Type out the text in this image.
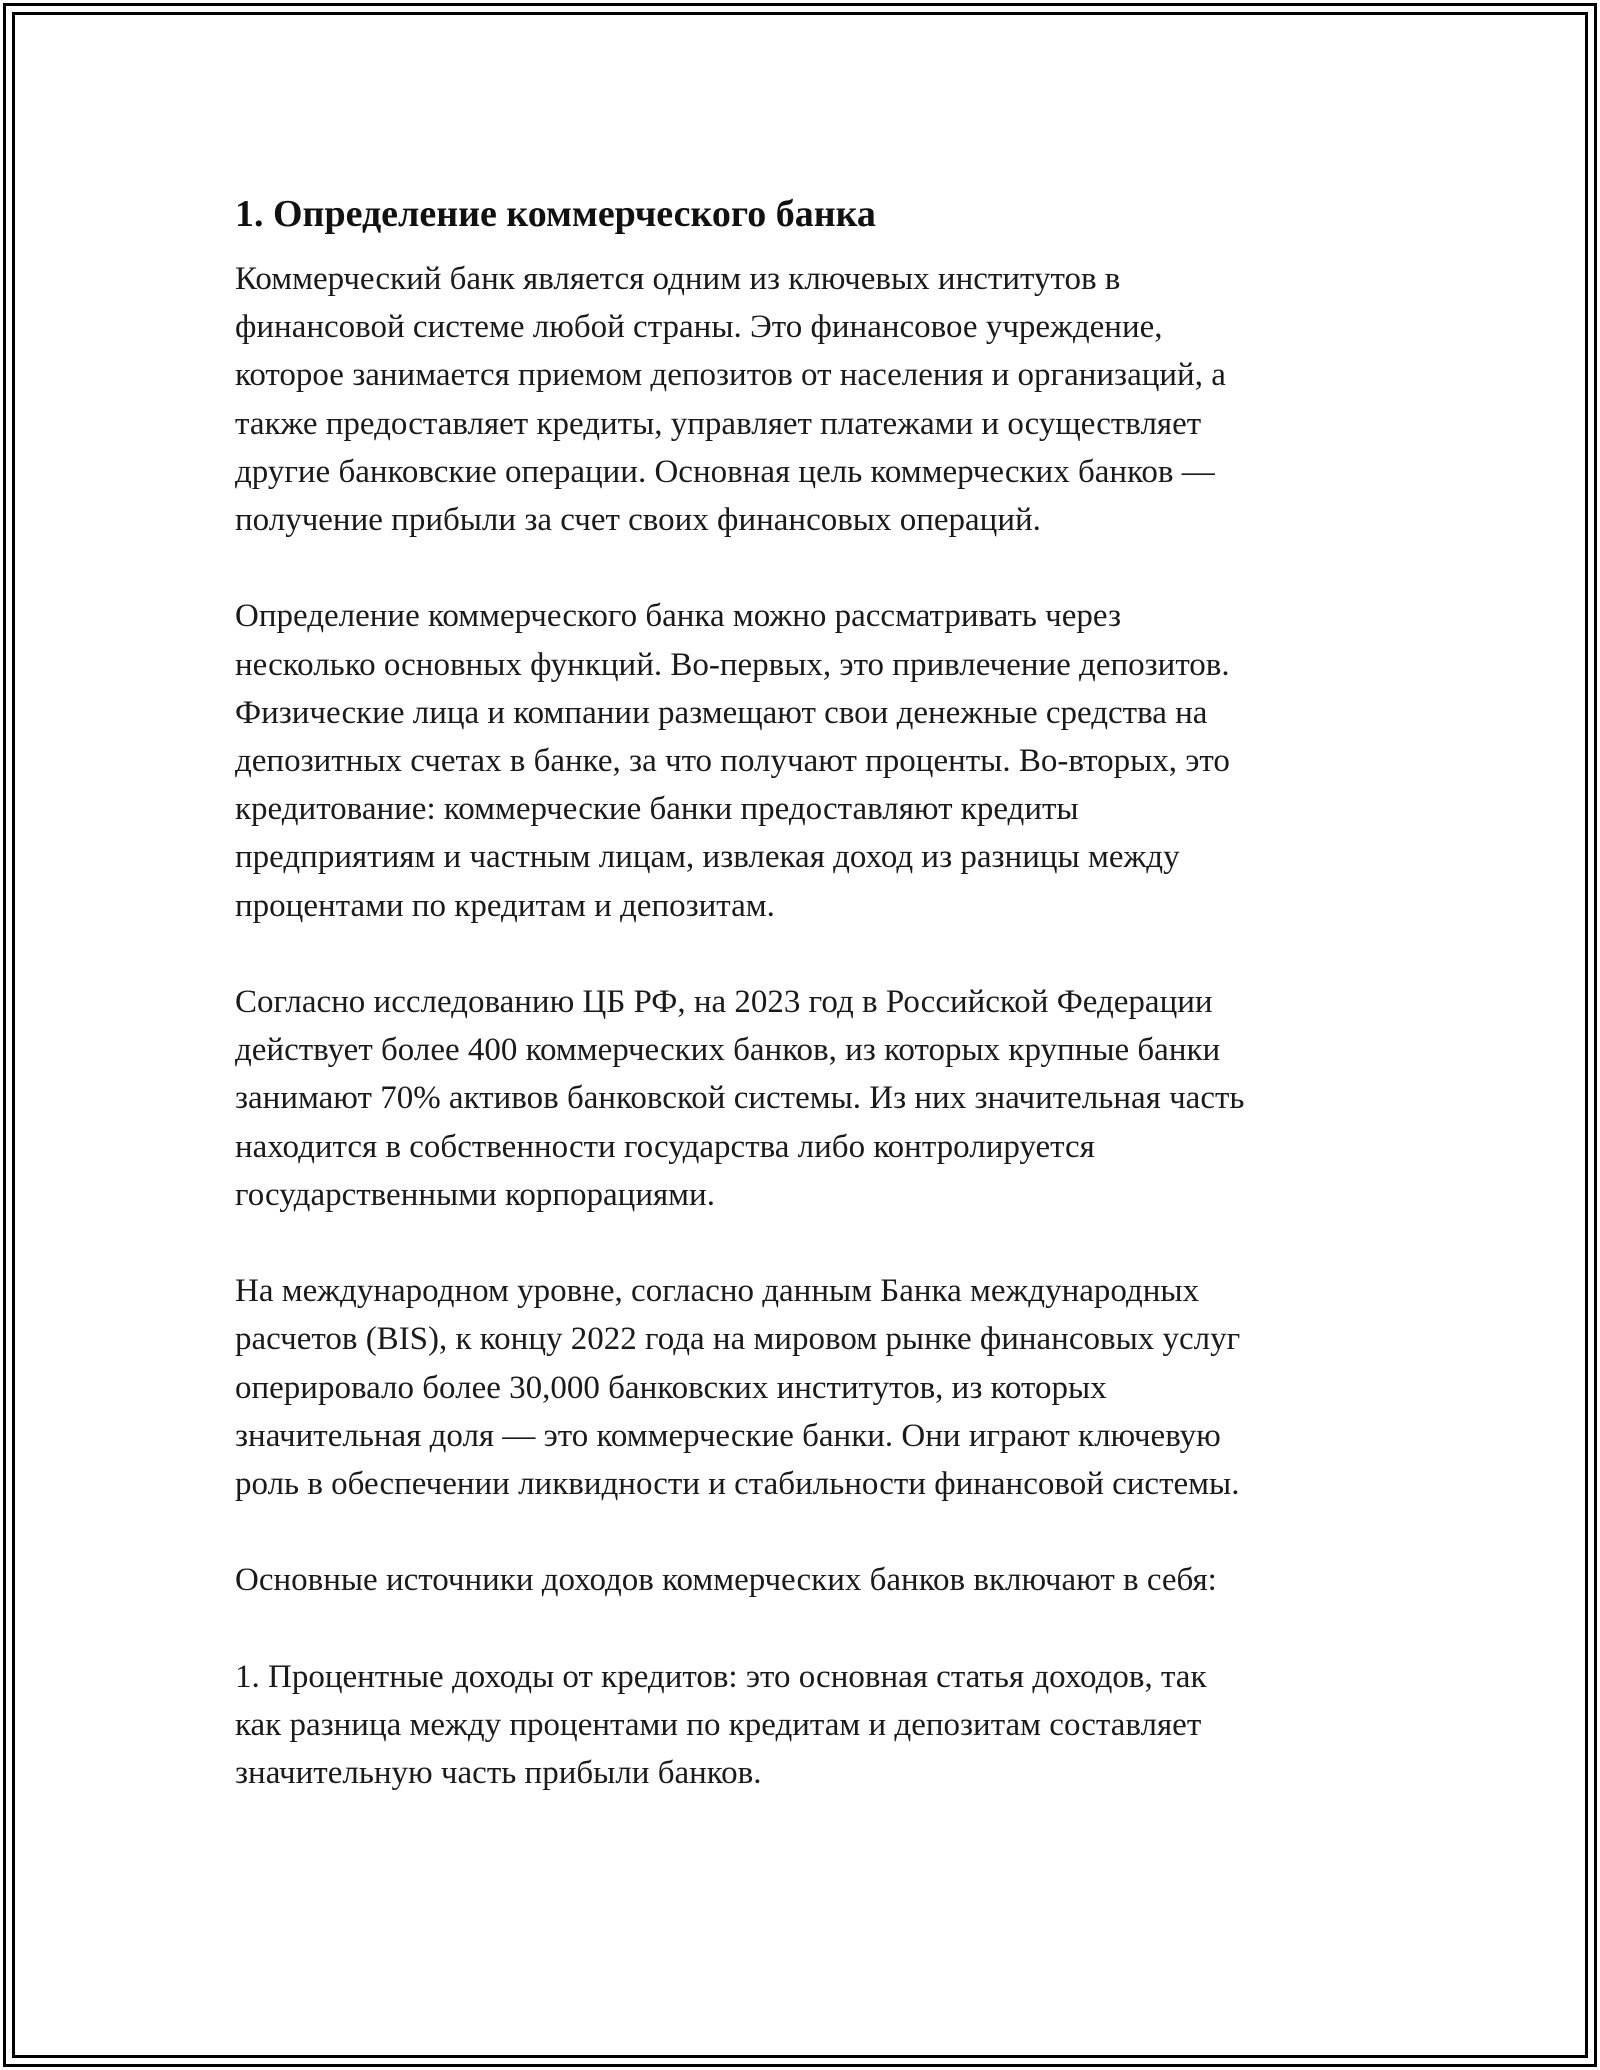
1. Определение коммерческого банка

Коммерческий банк является одним из ключевых институтов в
финансовой системе любой страны. Это финансовое учреждение,
которое занимается приемом депозитов от населения и организаций, а
также предоставляет кредиты, управляет платежами и осуществляет
другие банковские операции. Основная цель коммерческих банков —
получение прибыли за счет своих финансовых операций.

Определение коммерческого банка можно рассматривать через
несколько основных функций. Во-первых, это привлечение депозитов.
Физические лица и компании размещают свои денежные средства на
депозитных счетах в банке, за что получают проценты. Во-вторых, это
кредитование: коммерческие банки предоставляют кредиты
предприятиям и частным лицам, извлекая доход из разницы между
процентами по кредитам и депозитам.

Согласно исследованию ЦБ РФ, на 2023 год в Российской Федерации
действует более 400 коммерческих банков, из которых крупные банки
занимают 70% активов банковской системы. Из них значительная часть
находится в собственности государства либо контролируется
государственными корпорациями.

На международном уровне, согласно данным Банка международных
расчетов (BIS), к концу 2022 года на мировом рынке финансовых услуг
оперировало более 30,000 банковских институтов, из которых
значительная доля — это коммерческие банки. Они играют ключевую
роль в обеспечении ликвидности и стабильности финансовой системы.

Основные источники доходов коммерческих банков включают в себя:

1. Процентные доходы от кредитов: это основная статья доходов, так
как разница между процентами по кредитам и депозитам составляет
значительную часть прибыли банков.
